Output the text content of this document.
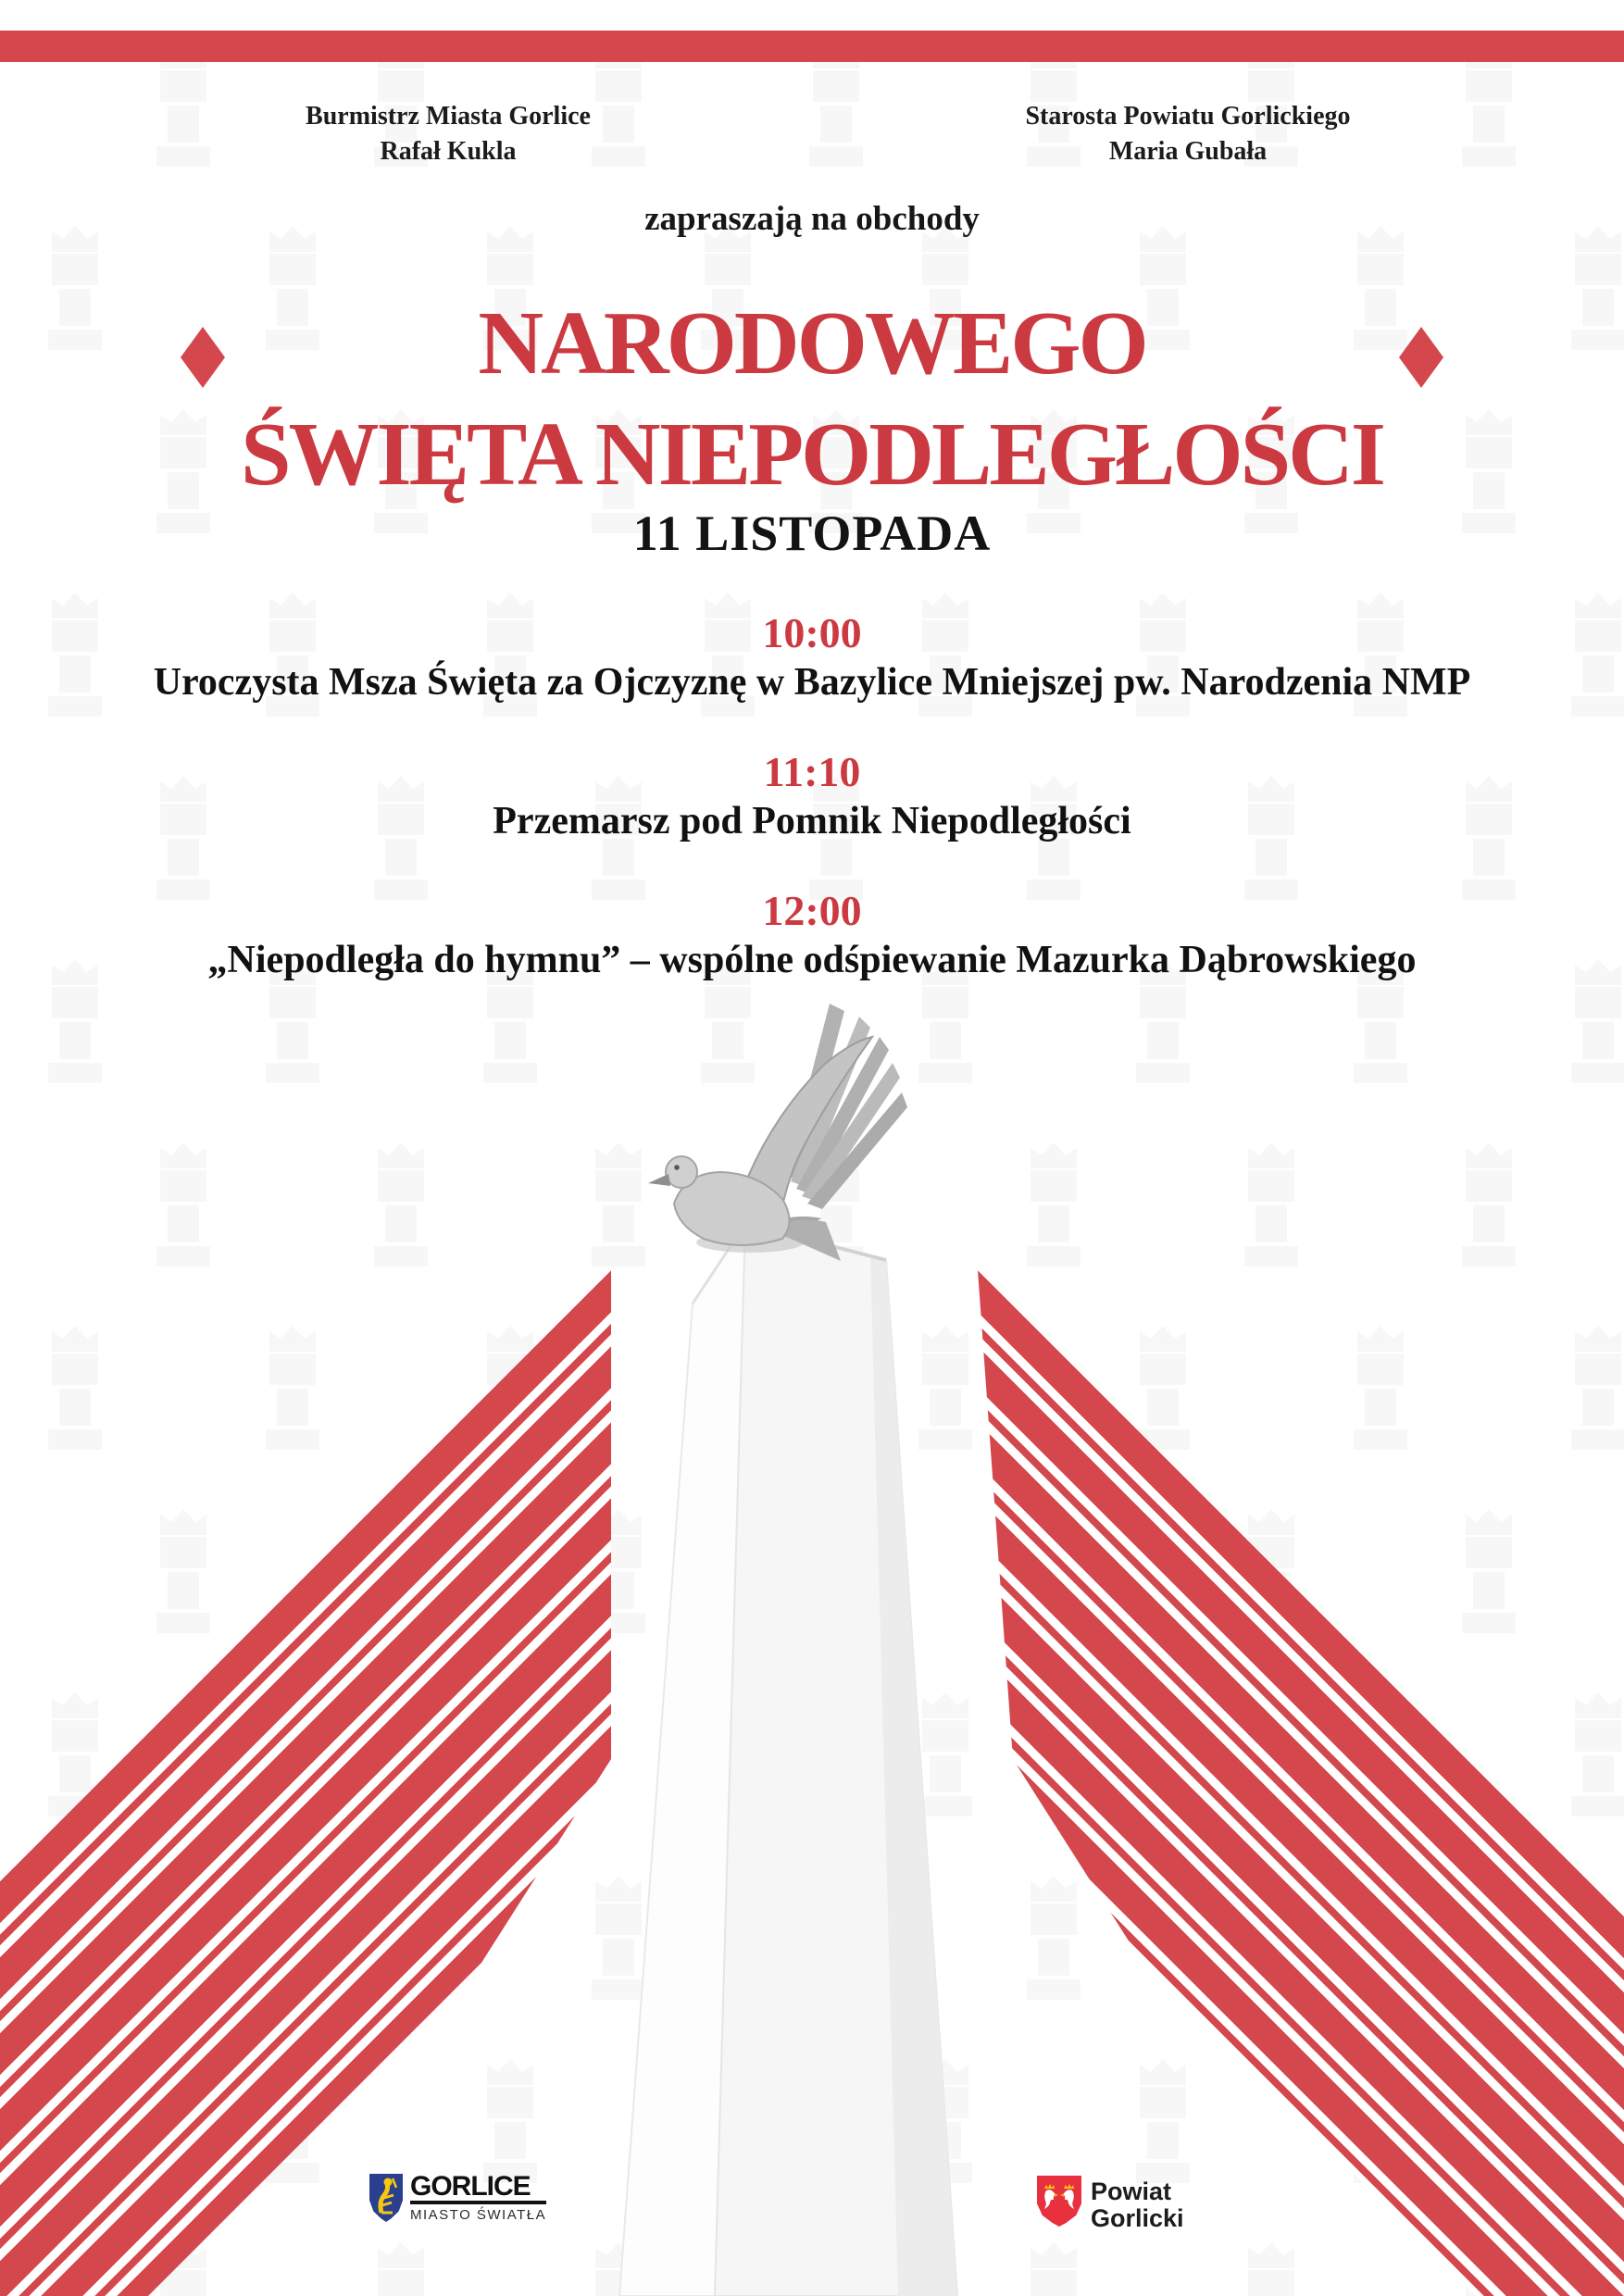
Burmistrz Miasta Gorlice
Rafał Kukla
Starosta Powiatu Gorlickiego
Maria Gubała
zapraszają na obchody
NARODOWEGO
ŚWIĘTA NIEPODLEGŁOŚCI
11 LISTOPADA
10:00
Uroczysta Msza Święta za Ojczyznę w Bazylice Mniejszej pw. Narodzenia NMP
11:10
Przemarsz pod Pomnik Niepodległości
12:00
„Niepodległa do hymnu” – wspólne odśpiewanie Mazurka Dąbrowskiego
GORLICE
MIASTO ŚWIATŁA
Powiat
Gorlicki
